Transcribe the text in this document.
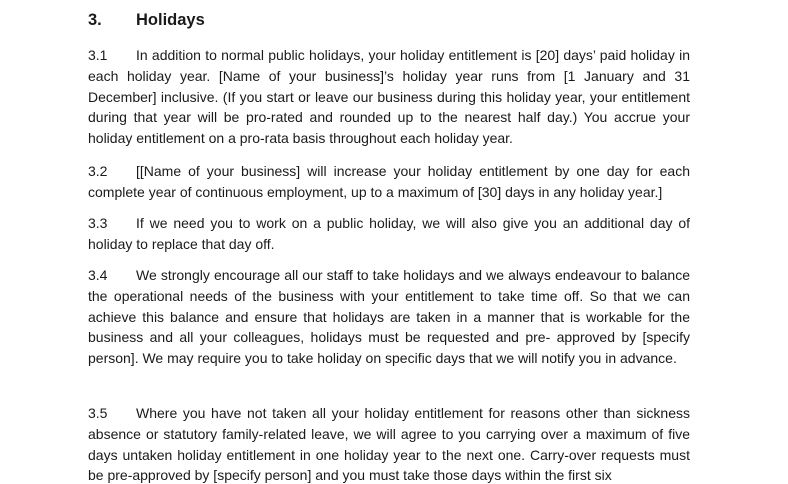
3. Holidays
3.1 In addition to normal public holidays, your holiday entitlement is [20] days’ paid holiday in each holiday year. [Name of your business]’s holiday year runs from [1 January and 31 December] inclusive. (If you start or leave our business during this holiday year, your entitlement during that year will be pro-rated and rounded up to the nearest half day.) You accrue your holiday entitlement on a pro-rata basis throughout each holiday year.
3.2 [[Name of your business] will increase your holiday entitlement by one day for each complete year of continuous employment, up to a maximum of [30] days in any holiday year.]
3.3 If we need you to work on a public holiday, we will also give you an additional day of holiday to replace that day off.
3.4 We strongly encourage all our staff to take holidays and we always endeavour to balance the operational needs of the business with your entitlement to take time off. So that we can achieve this balance and ensure that holidays are taken in a manner that is workable for the business and all your colleagues, holidays must be requested and pre- approved by [specify person]. We may require you to take holiday on specific days that we will notify you in advance.
3.5 Where you have not taken all your holiday entitlement for reasons other than sickness absence or statutory family-related leave, we will agree to you carrying over a maximum of five days untaken holiday entitlement in one holiday year to the next one. Carry-over requests must be pre-approved by [specify person] and you must take those days within the first six
